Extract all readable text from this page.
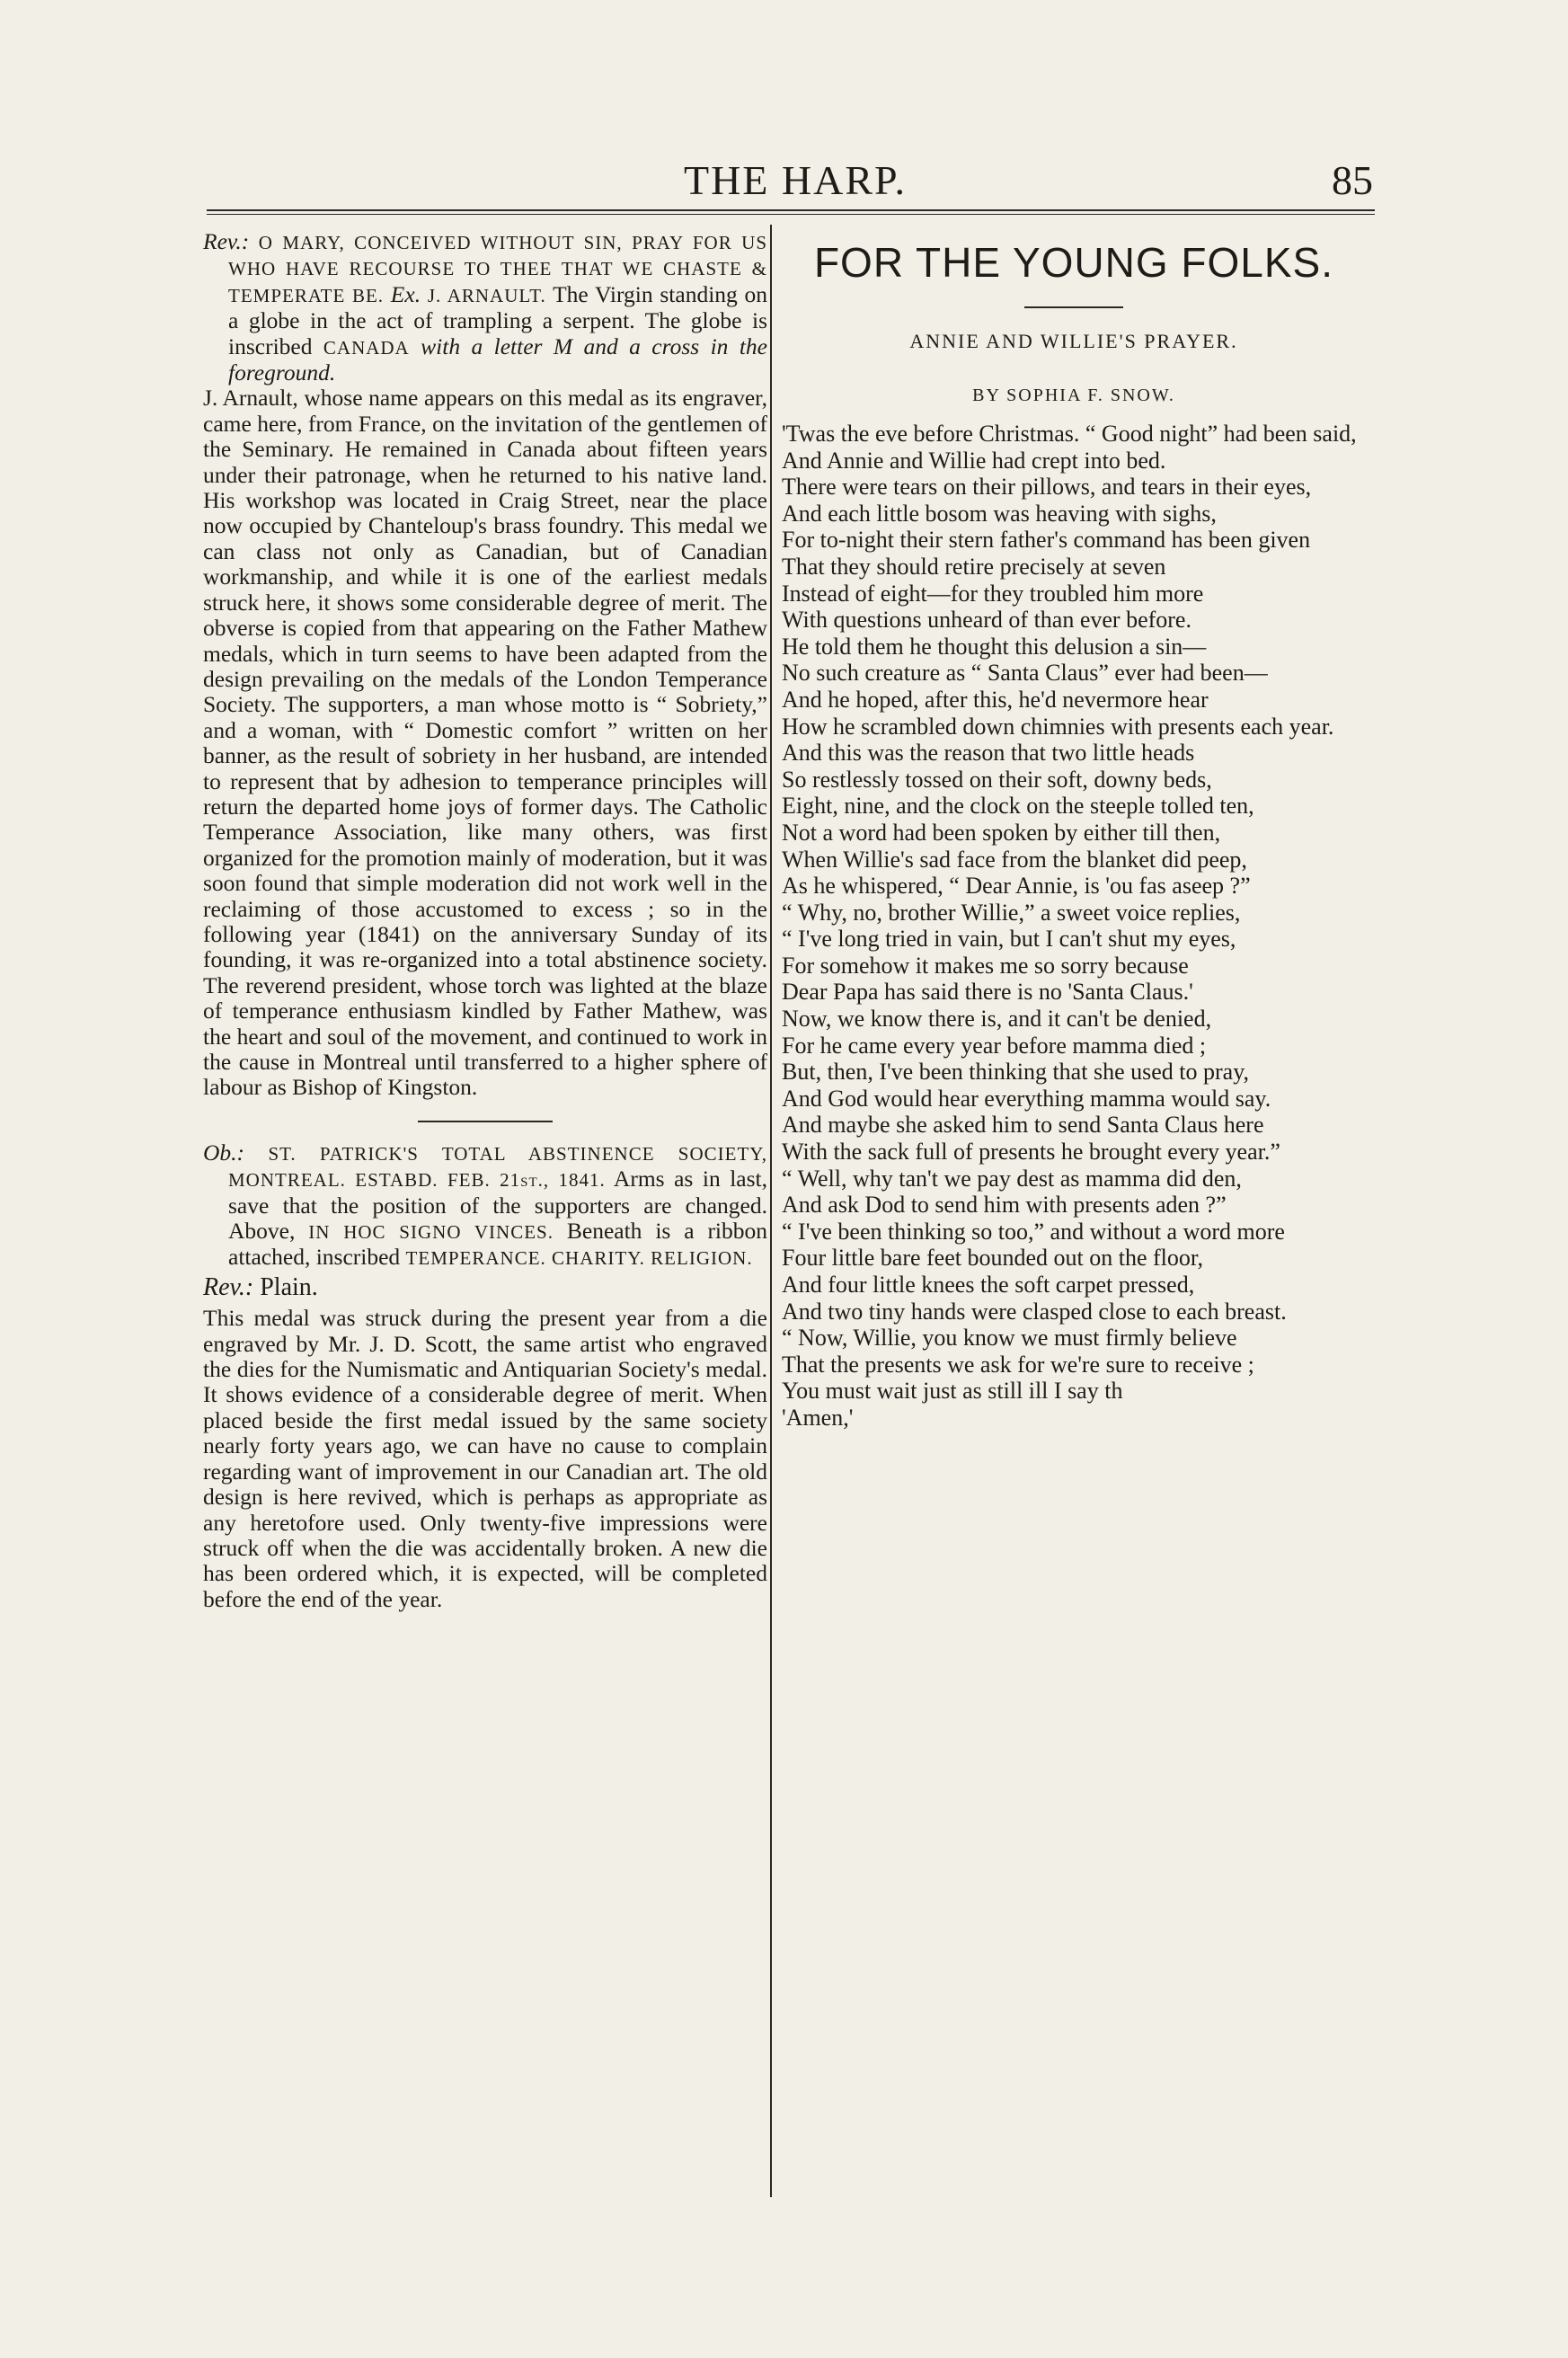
THE HARP.	85

Rev.: O MARY, CONCEIVED WITHOUT SIN, PRAY FOR US WHO HAVE RECOURSE TO THEE THAT WE CHASTE & TEMPERATE BE. Ex. J. ARNAULT. The Virgin standing on a globe in the act of trampling a serpent. The globe is inscribed CANADA with a letter M and a cross in the foreground.

J. Arnault, whose name appears on this medal as its engraver, came here, from France, on the invitation of the gentlemen of the Seminary. He remained in Canada about fifteen years under their patronage, when he returned to his native land. His workshop was located in Craig Street, near the place now occupied by Chanteloup's brass foundry. This medal we can class not only as Canadian, but of Canadian workmanship, and while it is one of the earliest medals struck here, it shows some considerable degree of merit. The obverse is copied from that appearing on the Father Mathew medals, which in turn seems to have been adapted from the design prevailing on the medals of the London Temperance Society. The supporters, a man whose motto is “ Sobriety,” and a woman, with “ Domestic comfort ” written on her banner, as the result of sobriety in her husband, are intended to represent that by adhesion to temperance principles will return the departed home joys of former days. The Catholic Temperance Association, like many others, was first organized for the promotion mainly of moderation, but it was soon found that simple moderation did not work well in the reclaiming of those accustomed to excess ; so in the following year (1841) on the anniversary Sunday of its founding, it was re-organized into a total abstinence society. The reverend president, whose torch was lighted at the blaze of temperance enthusiasm kindled by Father Mathew, was the heart and soul of the movement, and continued to work in the cause in Montreal until transferred to a higher sphere of labour as Bishop of Kingston.

Ob.: ST. PATRICK'S TOTAL ABSTINENCE SOCIETY, MONTREAL. ESTABD. FEB. 21st., 1841. Arms as in last, save that the position of the supporters are changed. Above, IN HOC SIGNO VINCES. Beneath is a ribbon attached, inscribed TEMPERANCE. CHARITY. RELIGION.

Rev.: Plain.

This medal was struck during the present year from a die engraved by Mr. J. D. Scott, the same artist who engraved the dies for the Numismatic and Antiquarian Society's medal. It shows evidence of a considerable degree of merit. When placed beside the first medal issued by the same society nearly forty years ago, we can have no cause to complain regarding want of improvement in our Canadian art. The old design is here revived, which is perhaps as appropriate as any heretofore used. Only twenty-five impressions were struck off when the die was accidentally broken. A new die has been ordered which, it is expected, will be completed before the end of the year.

FOR THE YOUNG FOLKS.
ANNIE AND WILLIE'S PRAYER.
BY SOPHIA F. SNOW.
'Twas the eve before Christmas. “ Good night” had been said,
And Annie and Willie had crept into bed.
There were tears on their pillows, and tears in their eyes,
And each little bosom was heaving with sighs,
For to-night their stern father's command has been given
That they should retire precisely at seven
Instead of eight—for they troubled him more
With questions unheard of than ever before.
He told them he thought this delusion a sin—
No such creature as “ Santa Claus” ever had been—
And he hoped, after this, he'd nevermore hear
How he scrambled down chimnies with presents each year.
And this was the reason that two little heads
So restlessly tossed on their soft, downy beds,
Eight, nine, and the clock on the steeple tolled ten,
Not a word had been spoken by either till then,
When Willie's sad face from the blanket did peep,
As he whispered, “ Dear Annie, is 'ou fas aseep ?”
“ Why, no, brother Willie,” a sweet voice replies,
“ I've long tried in vain, but I can't shut my eyes,
For somehow it makes me so sorry because
Dear Papa has said there is no 'Santa Claus.'
Now, we know there is, and it can't be denied,
For he came every year before mamma died ;
But, then, I've been thinking that she used to pray,
And God would hear everything mamma would say.
And maybe she asked him to send Santa Claus here
With the sack full of presents he brought every year.”
“ Well, why tan't we pay dest as mamma did den,
And ask Dod to send him with presents aden ?”
“ I've been thinking so too,” and without a word more
Four little bare feet bounded out on the floor,
And four little knees the soft carpet pressed,
And two tiny hands were clasped close to each breast.
“ Now, Willie, you know we must firmly believe
That the presents we ask for we're sure to receive ;
You must wait just as still ill I say th
'Amen,'
